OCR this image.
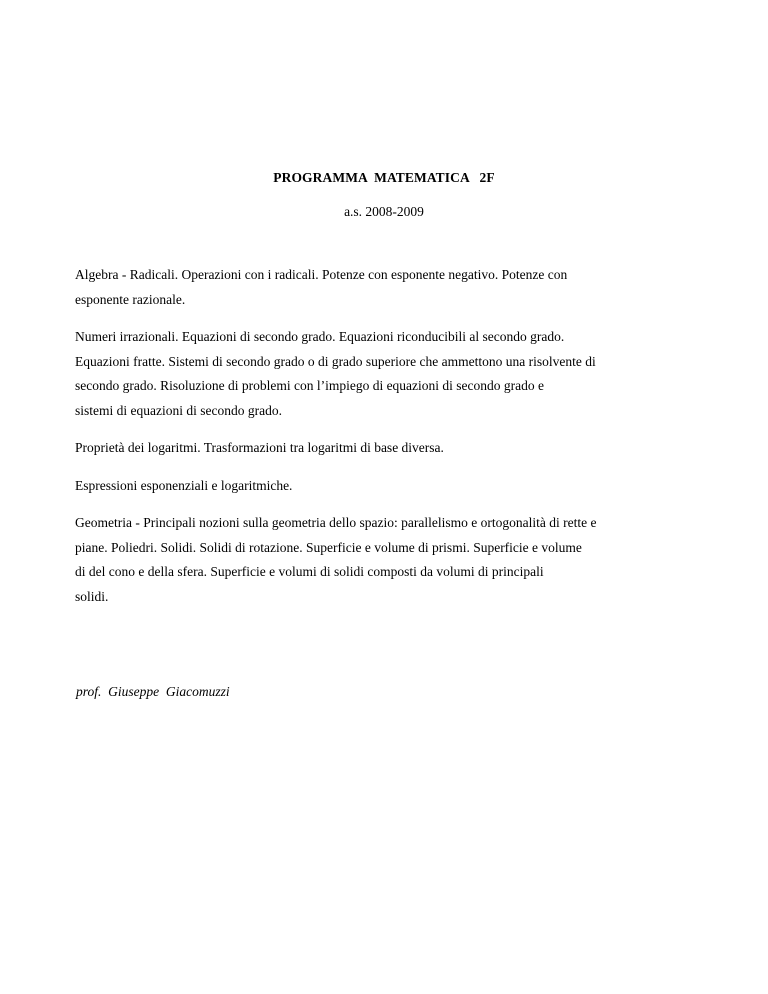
PROGRAMMA  MATEMATICA   2F
a.s. 2008-2009

Algebra - Radicali. Operazioni con i radicali. Potenze con esponente negativo. Potenze con
esponente razionale.

Numeri irrazionali. Equazioni di secondo grado. Equazioni riconducibili al secondo grado.
Equazioni fratte. Sistemi di secondo grado o di grado superiore che ammettono una risolvente di
secondo grado. Risoluzione di problemi con l’impiego di equazioni di secondo grado e
sistemi di equazioni di secondo grado.

Proprietà dei logaritmi. Trasformazioni tra logaritmi di base diversa.

Espressioni esponenziali e logaritmiche.

Geometria - Principali nozioni sulla geometria dello spazio: parallelismo e ortogonalità di rette e
piane. Poliedri. Solidi. Solidi di rotazione. Superficie e volume di prismi. Superficie e volume
di del cono e della sfera. Superficie e volumi di solidi composti da volumi di principali
solidi.

prof.  Giuseppe  Giacomuzzi
